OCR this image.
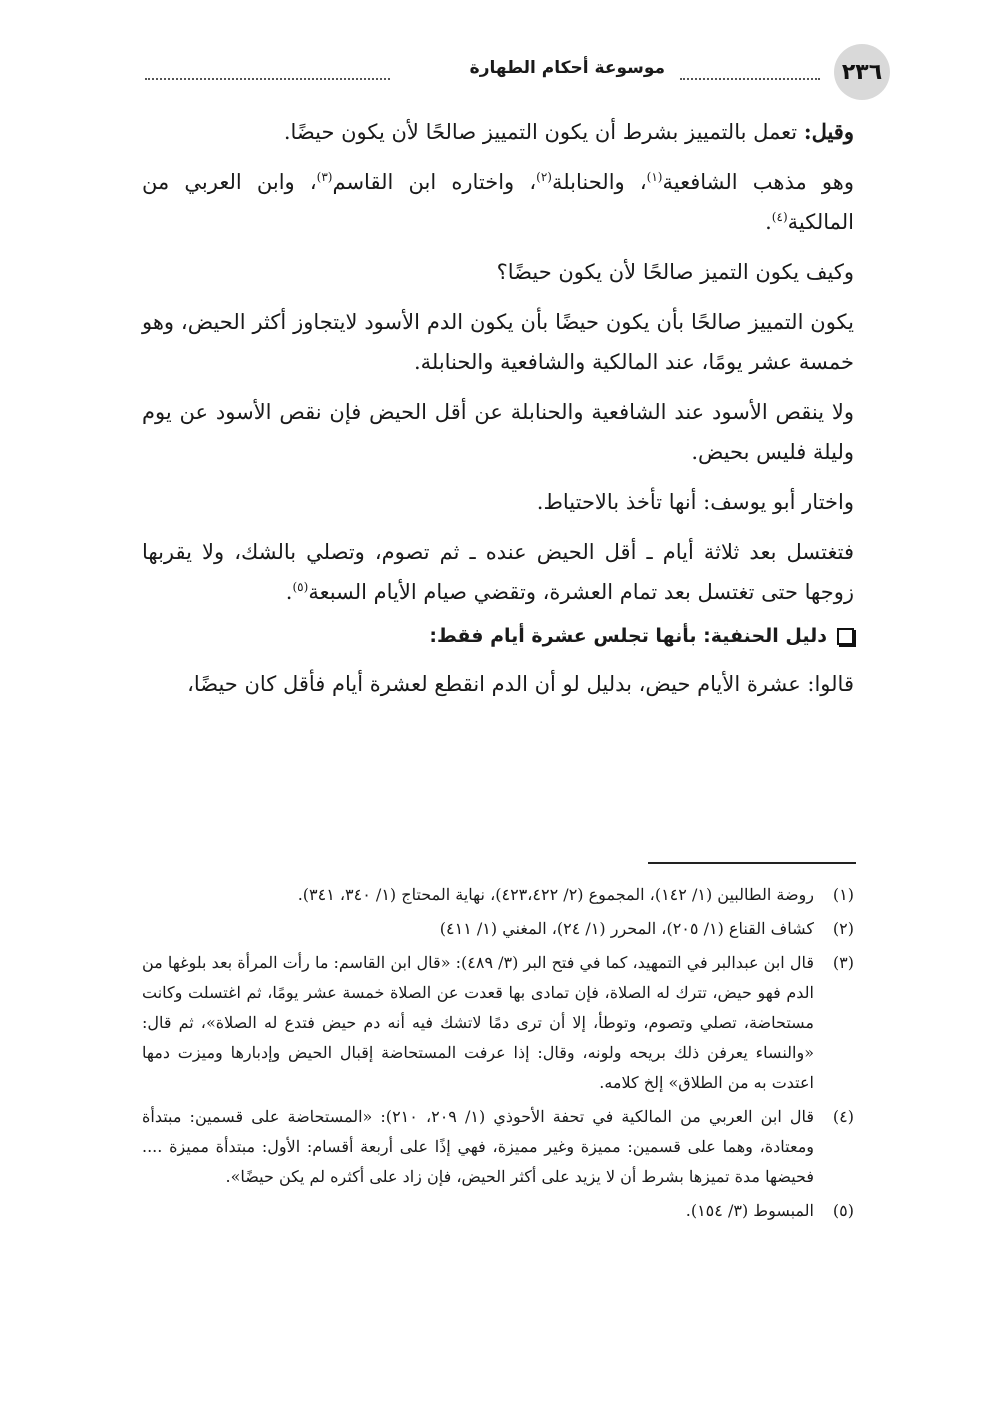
٢٣٦
موسوعة أحكام الطهارة

وقيل: تعمل بالتمييز بشرط أن يكون التمييز صالحًا لأن يكون حيضًا.

وهو مذهب الشافعية$^{(١)}$، والحنابلة$^{(٢)}$، واختاره ابن القاسم$^{(٣)}$، وابن العربي من المالكية$^{(٤)}$.

وكيف يكون التميز صالحًا لأن يكون حيضًا؟

يكون التمييز صالحًا بأن يكون حيضًا بأن يكون الدم الأسود لايتجاوز أكثر الحيض، وهو خمسة عشر يومًا، عند المالكية والشافعية والحنابلة.

ولا ينقص الأسود عند الشافعية والحنابلة عن أقل الحيض فإن نقص الأسود عن يوم وليلة فليس بحيض.

واختار أبو يوسف: أنها تأخذ بالاحتياط.

فتغتسل بعد ثلاثة أيام ـ أقل الحيض عنده ـ ثم تصوم، وتصلي بالشك، ولا يقربها زوجها حتى تغتسل بعد تمام العشرة، وتقضي صيام الأيام السبعة$^{(٥)}$.

دليل الحنفية: بأنها تجلس عشرة أيام فقط:

قالوا: عشرة الأيام حيض، بدليل لو أن الدم انقطع لعشرة أيام فأقل كان حيضًا،

(١)
روضة الطالبين (١/ ١٤٢)، المجموع (٢/ ٤٢٣،٤٢٢)، نهاية المحتاج (١/ ٣٤٠، ٣٤١).
(٢)
كشاف القناع (١/ ٢٠٥)، المحرر (١/ ٢٤)، المغني (١/ ٤١١)
(٣)
قال ابن عبدالبر في التمهيد، كما في فتح البر (٣/ ٤٨٩): «قال ابن القاسم: ما رأت المرأة بعد بلوغها من الدم فهو حيض، تترك له الصلاة، فإن تمادى بها قعدت عن الصلاة خمسة عشر يومًا، ثم اغتسلت وكانت مستحاضة، تصلي وتصوم، وتوطأ، إلا أن ترى دمًا لاتشك فيه أنه دم حيض فتدع له الصلاة»، ثم قال: «والنساء يعرفن ذلك بريحه ولونه، وقال: إذا عرفت المستحاضة إقبال الحيض وإدبارها وميزت دمها اعتدت به من الطلاق» إلخ كلامه.
(٤)
قال ابن العربي من المالكية في تحفة الأحوذي (١/ ٢٠٩، ٢١٠): «المستحاضة على قسمين: مبتدأة ومعتادة، وهما على قسمين: مميزة وغير مميزة، فهي إذًا على أربعة أقسام: الأول: مبتدأة مميزة .... فحيضها مدة تميزها بشرط أن لا يزيد على أكثر الحيض، فإن زاد على أكثره لم يكن حيضًا».
(٥)
المبسوط (٣/ ١٥٤).
